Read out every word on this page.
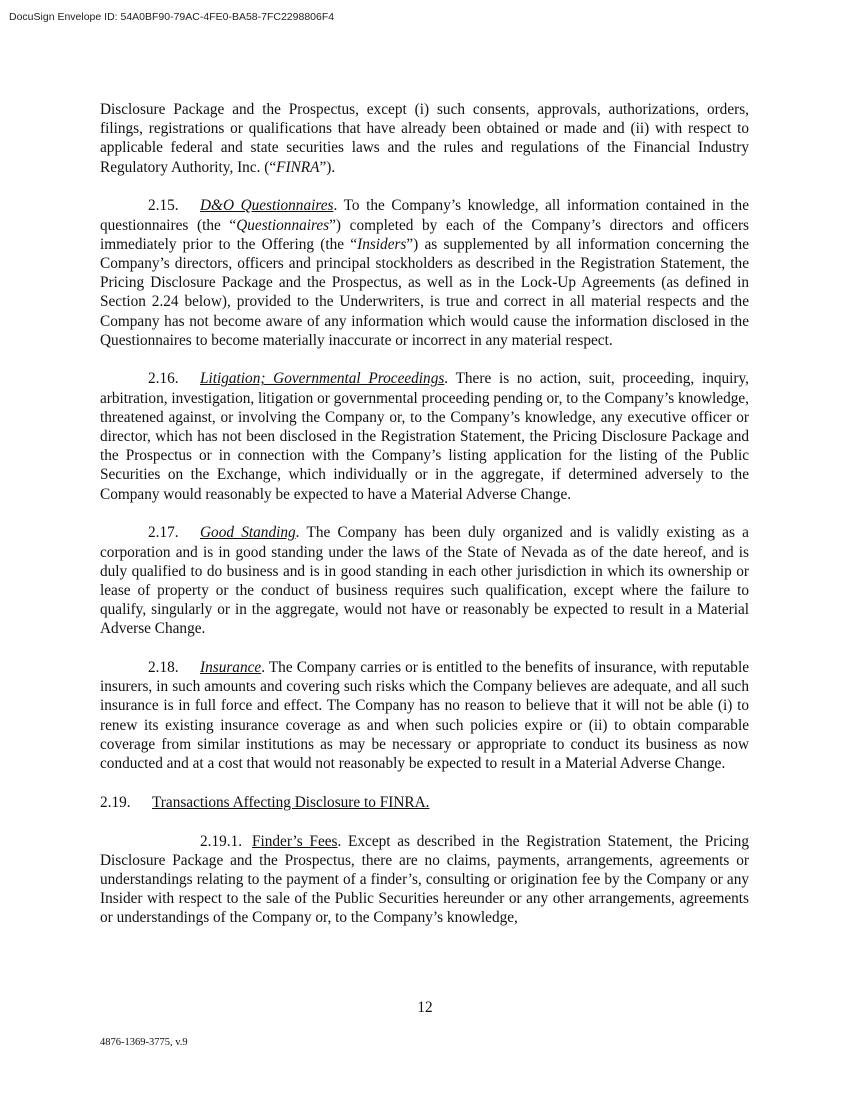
DocuSign Envelope ID: 54A0BF90-79AC-4FE0-BA58-7FC2298806F4

Disclosure Package and the Prospectus, except (i) such consents, approvals, authorizations, orders, filings, registrations or qualifications that have already been obtained or made and (ii) with respect to applicable federal and state securities laws and the rules and regulations of the Financial Industry Regulatory Authority, Inc. (“FINRA”).

2.15. D&O Questionnaires. To the Company’s knowledge, all information contained in the questionnaires (the “Questionnaires”) completed by each of the Company’s directors and officers immediately prior to the Offering (the “Insiders”) as supplemented by all information concerning the Company’s directors, officers and principal stockholders as described in the Registration Statement, the Pricing Disclosure Package and the Prospectus, as well as in the Lock-Up Agreements (as defined in Section 2.24 below), provided to the Underwriters, is true and correct in all material respects and the Company has not become aware of any information which would cause the information disclosed in the Questionnaires to become materially inaccurate or incorrect in any material respect.

2.16. Litigation; Governmental Proceedings. There is no action, suit, proceeding, inquiry, arbitration, investigation, litigation or governmental proceeding pending or, to the Company’s knowledge, threatened against, or involving the Company or, to the Company’s knowledge, any executive officer or director, which has not been disclosed in the Registration Statement, the Pricing Disclosure Package and the Prospectus or in connection with the Company’s listing application for the listing of the Public Securities on the Exchange, which individually or in the aggregate, if determined adversely to the Company would reasonably be expected to have a Material Adverse Change.

2.17. Good Standing. The Company has been duly organized and is validly existing as a corporation and is in good standing under the laws of the State of Nevada as of the date hereof, and is duly qualified to do business and is in good standing in each other jurisdiction in which its ownership or lease of property or the conduct of business requires such qualification, except where the failure to qualify, singularly or in the aggregate, would not have or reasonably be expected to result in a Material Adverse Change.

2.18. Insurance. The Company carries or is entitled to the benefits of insurance, with reputable insurers, in such amounts and covering such risks which the Company believes are adequate, and all such insurance is in full force and effect. The Company has no reason to believe that it will not be able (i) to renew its existing insurance coverage as and when such policies expire or (ii) to obtain comparable coverage from similar institutions as may be necessary or appropriate to conduct its business as now conducted and at a cost that would not reasonably be expected to result in a Material Adverse Change.

2.19. Transactions Affecting Disclosure to FINRA.

2.19.1. Finder’s Fees. Except as described in the Registration Statement, the Pricing Disclosure Package and the Prospectus, there are no claims, payments, arrangements, agreements or understandings relating to the payment of a finder’s, consulting or origination fee by the Company or any Insider with respect to the sale of the Public Securities hereunder or any other arrangements, agreements or understandings of the Company or, to the Company’s knowledge,

12
4876-1369-3775, v.9
